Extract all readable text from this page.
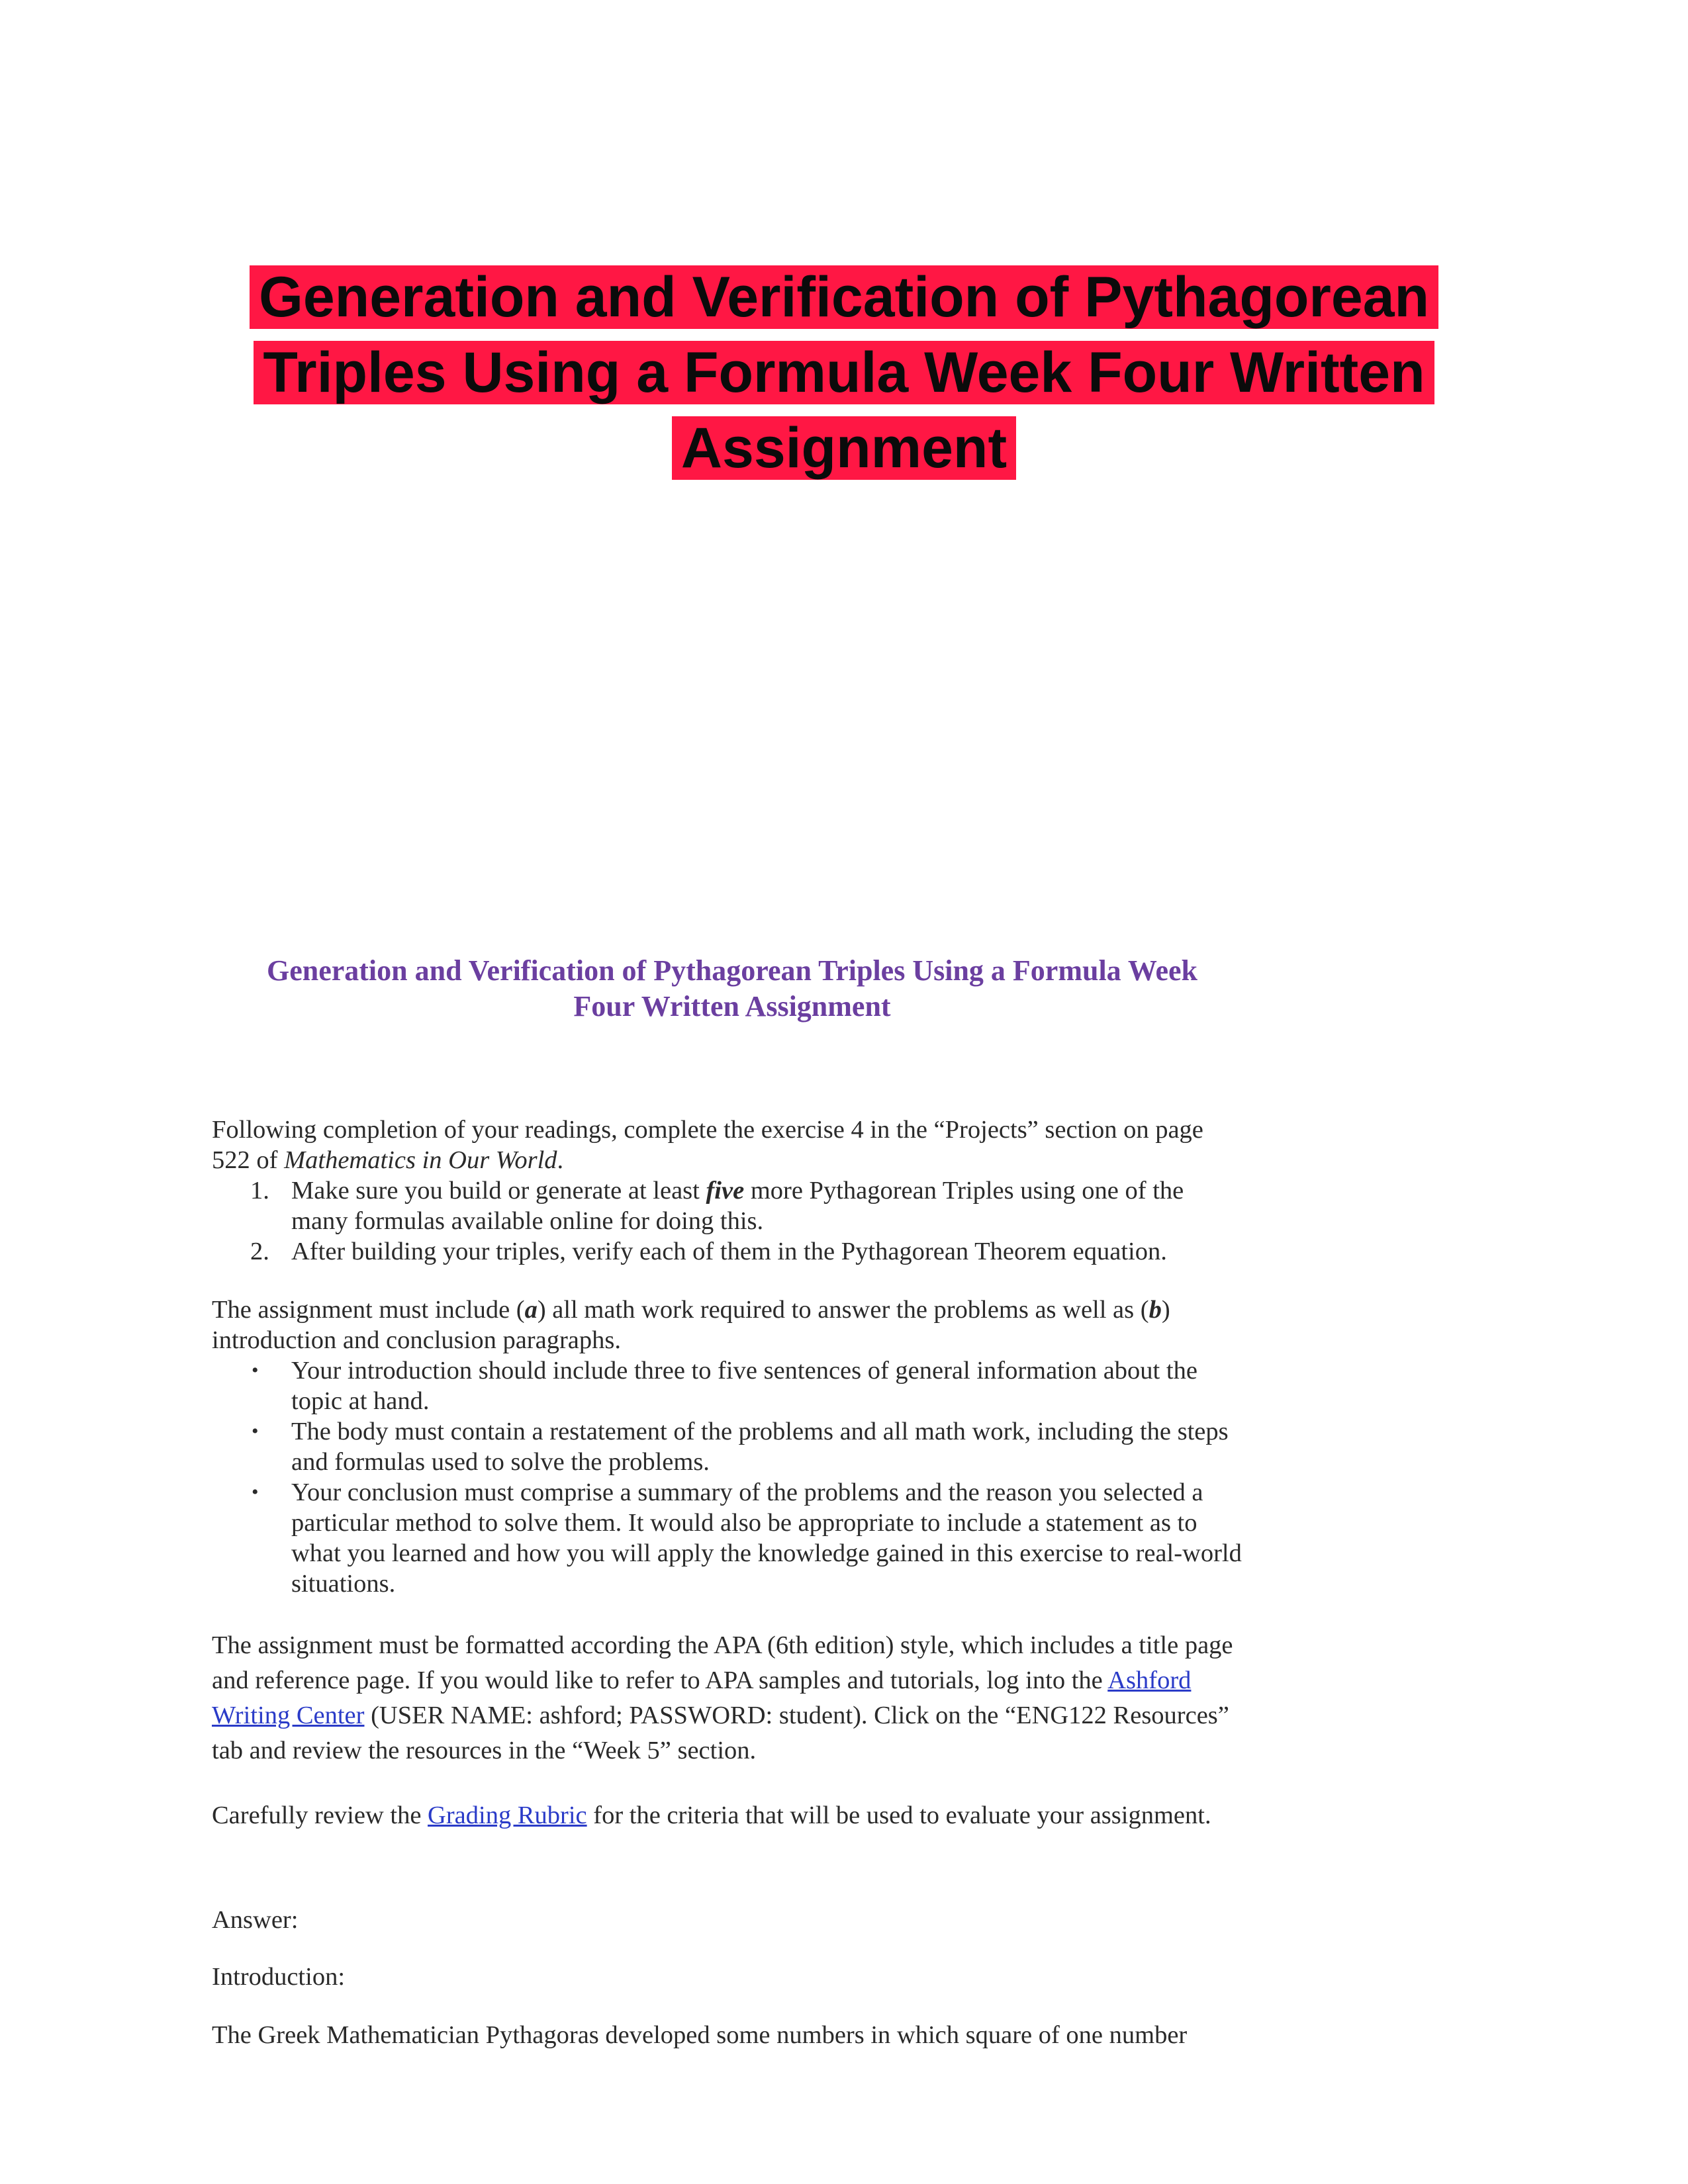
Generation and Verification of Pythagorean
Triples Using a Formula Week Four Written
Assignment
Generation and Verification of Pythagorean Triples Using a Formula Week
Four Written Assignment

Following completion of your readings, complete the exercise 4 in the “Projects” section on page 522 of Mathematics in Our World.

1. Make sure you build or generate at least five more Pythagorean Triples using one of the many formulas available online for doing this.
2. After building your triples, verify each of them in the Pythagorean Theorem equation.

The assignment must include (a) all math work required to answer the problems as well as (b) introduction and conclusion paragraphs.

• Your introduction should include three to five sentences of general information about the topic at hand.
• The body must contain a restatement of the problems and all math work, including the steps and formulas used to solve the problems.
• Your conclusion must comprise a summary of the problems and the reason you selected a particular method to solve them. It would also be appropriate to include a statement as to what you learned and how you will apply the knowledge gained in this exercise to real-world situations.

The assignment must be formatted according the APA (6th edition) style, which includes a title page and reference page. If you would like to refer to APA samples and tutorials, log into the Ashford Writing Center (USER NAME: ashford; PASSWORD: student). Click on the “ENG122 Resources” tab and review the resources in the “Week 5” section.

Carefully review the Grading Rubric for the criteria that will be used to evaluate your assignment.

Answer:

Introduction:

The Greek Mathematician Pythagoras developed some numbers in which square of one number
